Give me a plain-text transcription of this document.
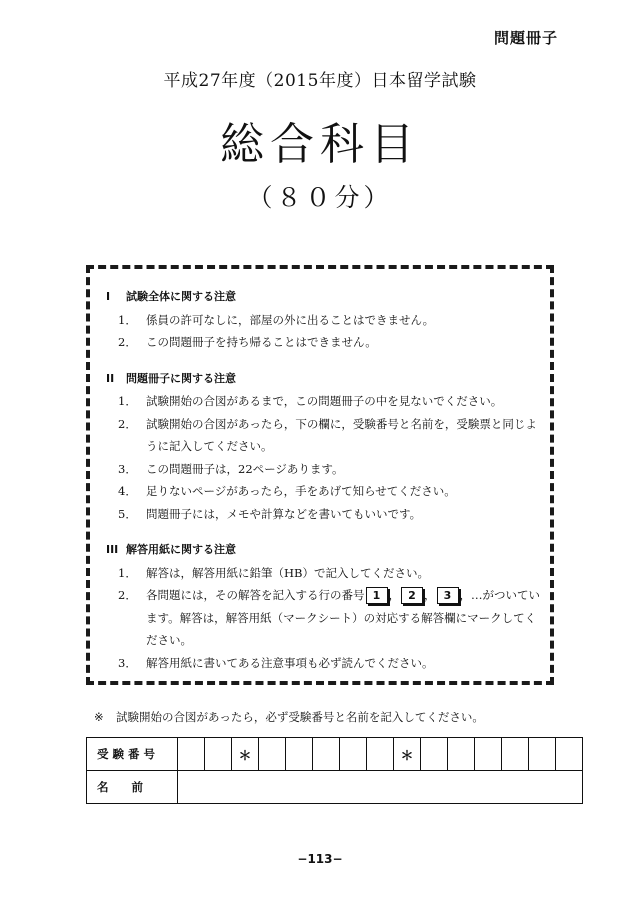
問題冊子
平成27年度（2015年度）日本留学試験
総合科目
（８０分）
I 試験全体に関する注意
1． 係員の許可なしに，部屋の外に出ることはできません。
2． この問題冊子を持ち帰ることはできません。
II 問題冊子に関する注意
1． 試験開始の合図があるまで，この問題冊子の中を見ないでください。
2． 試験開始の合図があったら，下の欄に，受験番号と名前を，受験票と同じように記入してください。
3． この問題冊子は，22ページあります。
4． 足りないページがあったら，手をあげて知らせてください。
5． 問題冊子には，メモや計算などを書いてもいいです。
III 解答用紙に関する注意
1． 解答は，解答用紙に鉛筆（HB）で記入してください。
2． 各問題には，その解答を記入する行の番号 1 ， 2 ， 3 ，…がついています。解答は，解答用紙（マークシート）の対応する解答欄にマークしてください。
3． 解答用紙に書いてある注意事項も必ず読んでください。
※ 試験開始の合図があったら，必ず受験番号と名前を記入してください。
受 験 番 号			＊						＊						
名　　前															
−113−
